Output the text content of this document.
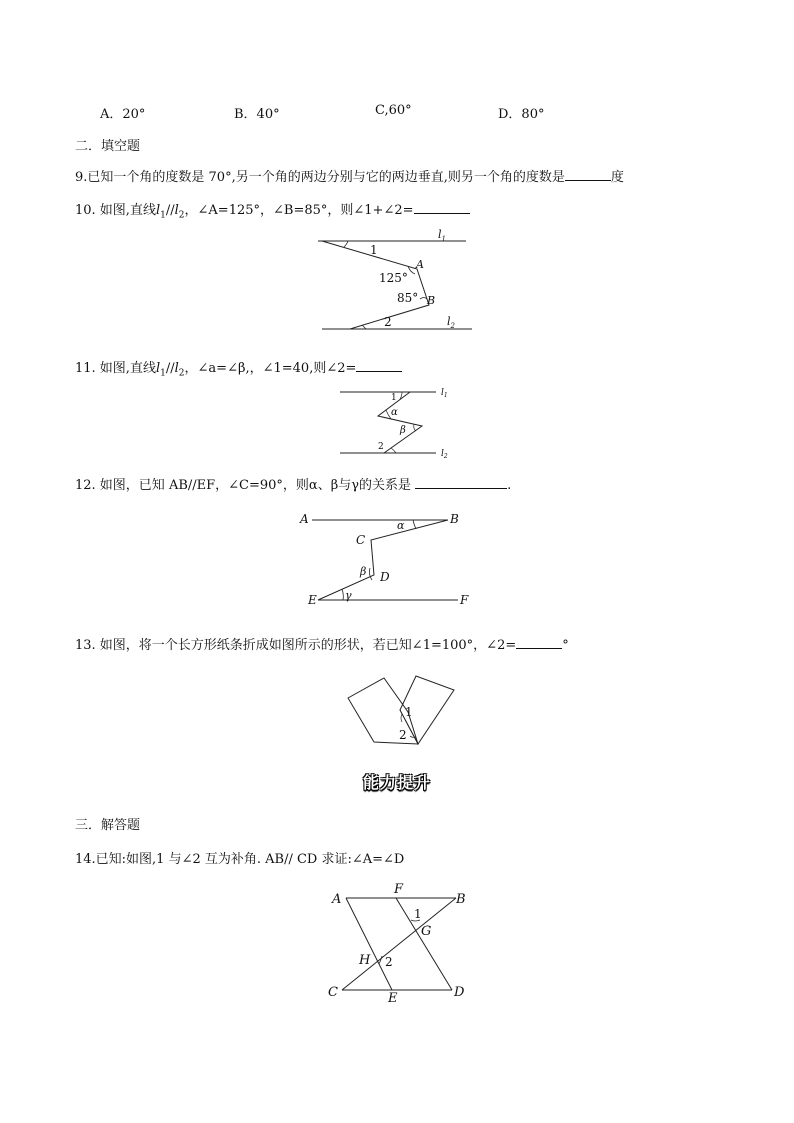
A．20°	B．40°	C,60°	D．80°
二．填空题
9.已知一个角的度数是 70°,另一个角的两边分别与它的两边垂直,则另一个角的度数是	度
10. 如图,直线$l_1//l_2$，∠A=125°，∠B=85°，则∠1+∠2=
1
125°
A
85° B
2
$l_1$
$l_2$
11. 如图,直线$l_1//l_2$，∠a=∠β,，∠1=40,则∠2=
1
α
β
2
$l_1$
$l_2$
12. 如图，已知 AB//EF，∠C=90°，则α、β与γ的关系是	.
A	B
α
C
β D
E	γ	F
13. 如图，将一个长方形纸条折成如图所示的形状，若已知∠1=100°，∠2=	°
1
2
能力提升
三．解答题
14.已知:如图,1 与∠2 互为补角. AB// CD 求证:∠A=∠D
A
F
B
1
G
H 2
C	E	D
